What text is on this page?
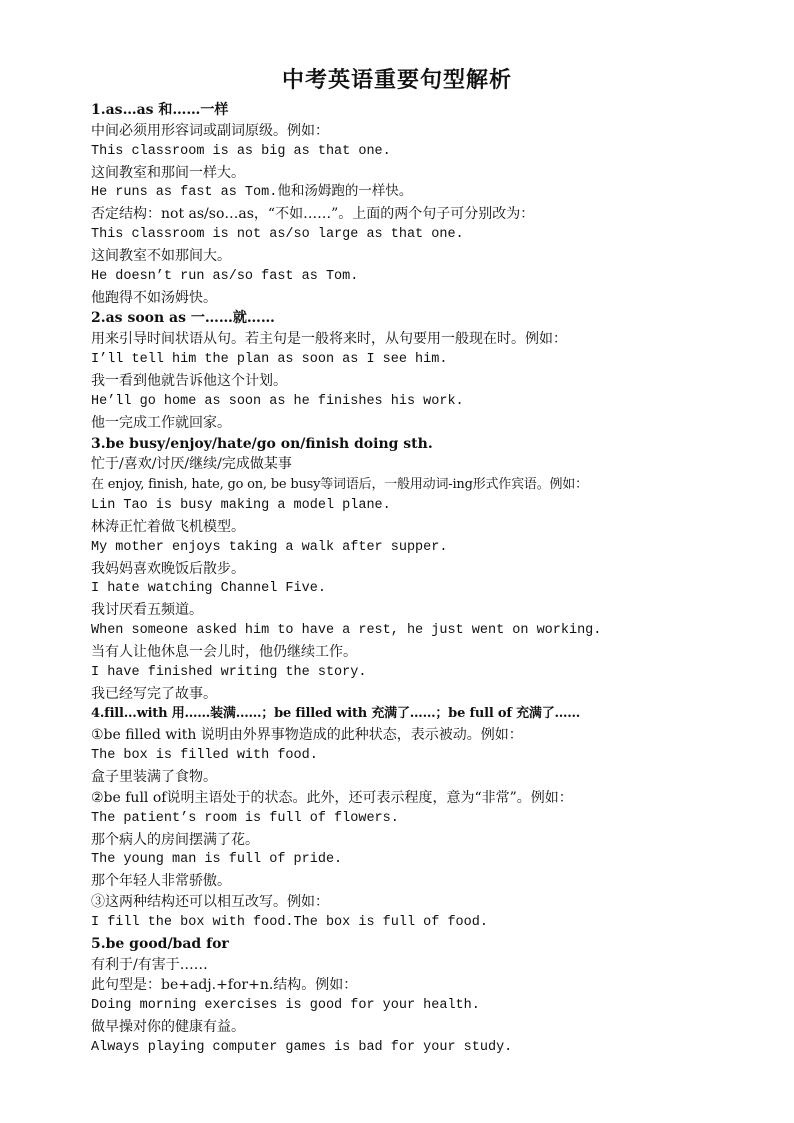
中考英语重要句型解析
1.as…as 和……一样
中间必须用形容词或副词原级。例如：
This classroom is as big as that one.
这间教室和那间一样大。
He runs as fast as Tom.他和汤姆跑的一样快。
否定结构：not as/so…as，“不如……”。上面的两个句子可分别改为：
This classroom is not as/so large as that one.
这间教室不如那间大。
He doesn’t run as/so fast as Tom.
他跑得不如汤姆快。
2.as soon as 一……就……
用来引导时间状语从句。若主句是一般将来时，从句要用一般现在时。例如：
I’ll tell him the plan as soon as I see him.
我一看到他就告诉他这个计划。
He’ll go home as soon as he finishes his work.
他一完成工作就回家。
3.be busy/enjoy/hate/go on/finish doing sth.
忙于/喜欢/讨厌/继续/完成做某事
在 enjoy, finish, hate, go on, be busy等词语后，一般用动词-ing形式作宾语。例如：
Lin Tao is busy making a model plane.
林涛正忙着做飞机模型。
My mother enjoys taking a walk after supper.
我妈妈喜欢晚饭后散步。
I hate watching Channel Five.
我讨厌看五频道。
When someone asked him to have a rest, he just went on working.
当有人让他休息一会儿时，他仍继续工作。
I have finished writing the story.
我已经写完了故事。
4.fill…with 用……装满……；be filled with 充满了……；be full of 充满了……
①be filled with 说明由外界事物造成的此种状态，表示被动。例如：
The box is filled with food.
盒子里装满了食物。
②be full of说明主语处于的状态。此外，还可表示程度，意为“非常”。例如：
The patient’s room is full of flowers.
那个病人的房间摆满了花。
The young man is full of pride.
那个年轻人非常骄傲。
③这两种结构还可以相互改写。例如：
I fill the box with food.The box is full of food.
5.be good/bad for
有利于/有害于……
此句型是：be+adj.+for+n.结构。例如：
Doing morning exercises is good for your health.
做早操对你的健康有益。
Always playing computer games is bad for your study.
